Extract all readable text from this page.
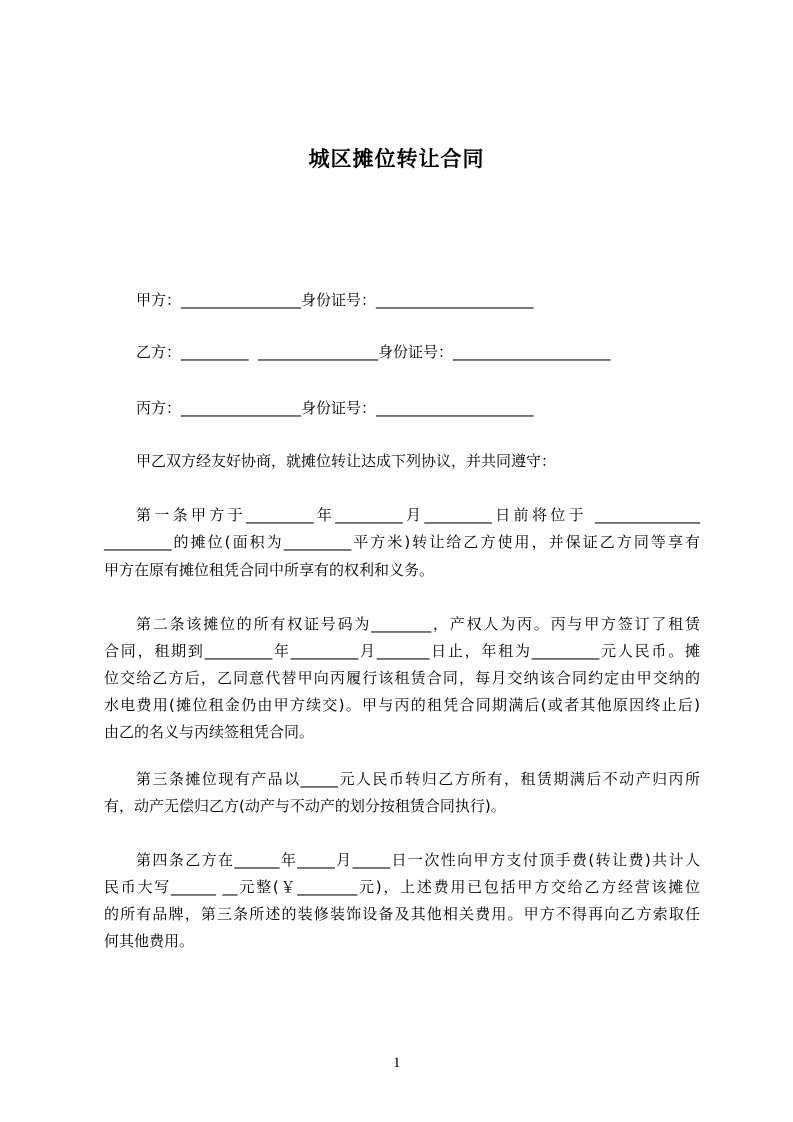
城区摊位转让合同
甲方：________________身份证号：_____________________
乙方：_________  ________________身份证号：_____________________
丙方：________________身份证号：_____________________
甲乙双方经友好协商，就摊位转让达成下列协议，并共同遵守：
第一条甲方于_________年_________月_________日前将位于 ______________
_________的摊位(面积为_________平方米)转让给乙方使用，并保证乙方同等享有
甲方在原有摊位租凭合同中所享有的权利和义务。
第二条该摊位的所有权证号码为________，产权人为丙。丙与甲方签订了租赁
合同，租期到_________年_________月_______日止，年租为_________元人民币。摊
位交给乙方后，乙同意代替甲向丙履行该租赁合同，每月交纳该合同约定由甲交纳的
水电费用(摊位租金仍由甲方续交)。甲与丙的租凭合同期满后(或者其他原因终止后)
由乙的名义与丙续签租凭合同。
第三条摊位现有产品以_____元人民币转归乙方所有，租赁期满后不动产归丙所
有，动产无偿归乙方(动产与不动产的划分按租赁合同执行)。
第四条乙方在______年_____月_____日一次性向甲方支付顶手费(转让费)共计人
民币大写______ __元整(￥________元)，上述费用已包括甲方交给乙方经营该摊位
的所有品牌，第三条所述的装修装饰设备及其他相关费用。甲方不得再向乙方索取任
何其他费用。
1
